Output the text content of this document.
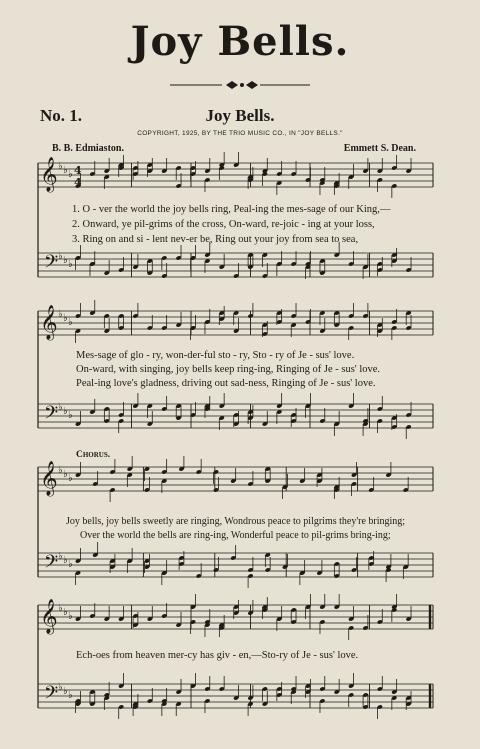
Joy Bells.
No. 1.	Joy Bells.
COPYRIGHT, 1925, BY THE TRIO MUSIC CO., IN "JOY BELLS."
B. B. Edmiaston.	Emmett S. Dean.
𝄞 ♭ ♭ ♭
𝄢 ♭ ♭ ♭
𝄞 ♭ ♭ ♭
𝄢 ♭ ♭ ♭
𝄞 ♭ ♭ ♭
𝄢 ♭ ♭ ♭
𝄞 ♭ ♭ ♭
𝄢 ♭ ♭ ♭
4
4
1. O - ver the world the joy bells ring, Peal-ing the mes-sage of our King,—
2. Onward, ye pil-grims of the cross, On-ward, re-joic - ing at your loss,
3. Ring on and si - lent nev-er be, Ring out your joy from sea to sea,
Mes-sage of glo - ry, won-der-ful sto - ry, Sto - ry of Je - sus' love.
On-ward, with singing, joy bells keep ring-ing, Ringing of Je - sus' love.
Peal-ing love's gladness, driving out sad-ness, Ringing of Je - sus' love.
Chorus.
Joy bells, joy bells sweetly are ringing, Wondrous peace to pilgrims they're bringing;
Over the world the bells are ring-ing, Wonderful peace to pil-grims bring-ing;
Ech-oes from heaven mer-cy has giv - en,—Sto-ry of Je - sus' love.
